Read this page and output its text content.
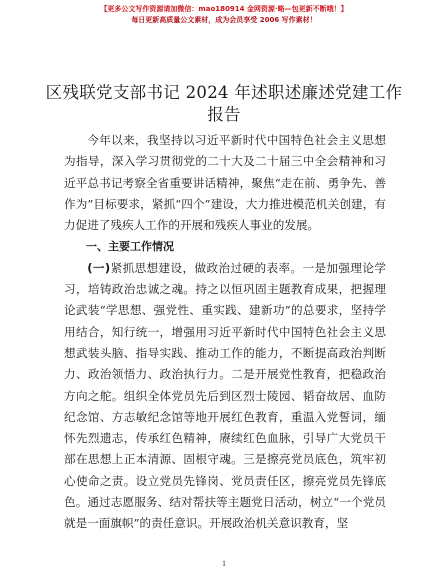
【更多公文写作资源请加微信：mao180914 金网资源·略—包更新不断哦！】
每日更新高质量公文素材，成为会员享受 2006 写作素材！
区残联党支部书记 2024 年述职述廉述党建工作报告

今年以来，我坚持以习近平新时代中国特色社会主义思想为指导，深入学习贯彻党的二十大及二十届三中全会精神和习近平总书记考察全省重要讲话精神，聚焦“走在前、勇争先、善作为”目标要求，紧抓“四个”建设，大力推进模范机关创建，有力促进了残疾人工作的开展和残疾人事业的发展。

一、主要工作情况

(一)紧抓思想建设，做政治过硬的表率。一是加强理论学习，培铸政治忠诚之魂。持之以恒巩固主题教育成果，把握理论武装“学思想、强党性、重实践、建新功”的总要求，坚持学用结合，知行统一，增强用习近平新时代中国特色社会主义思想武装头脑、指导实践、推动工作的能力，不断提高政治判断力、政治领悟力、政治执行力。二是开展党性教育，把稳政治方向之舵。组织全体党员先后到区烈士陵园、韬奋故居、血防纪念馆、方志敏纪念馆等地开展红色教育，重温入党誓词，缅怀先烈遗志，传承红色精神，赓续红色血脉，引导广大党员干部在思想上正本清源、固根守魂。三是擦亮党员底色，筑牢初心使命之责。设立党员先锋岗、党员责任区，擦亮党员先锋底色。通过志愿服务、结对帮扶等主题党日活动，树立“一个党员就是一面旗帜”的责任意识。开展政治机关意识教育，坚

1
